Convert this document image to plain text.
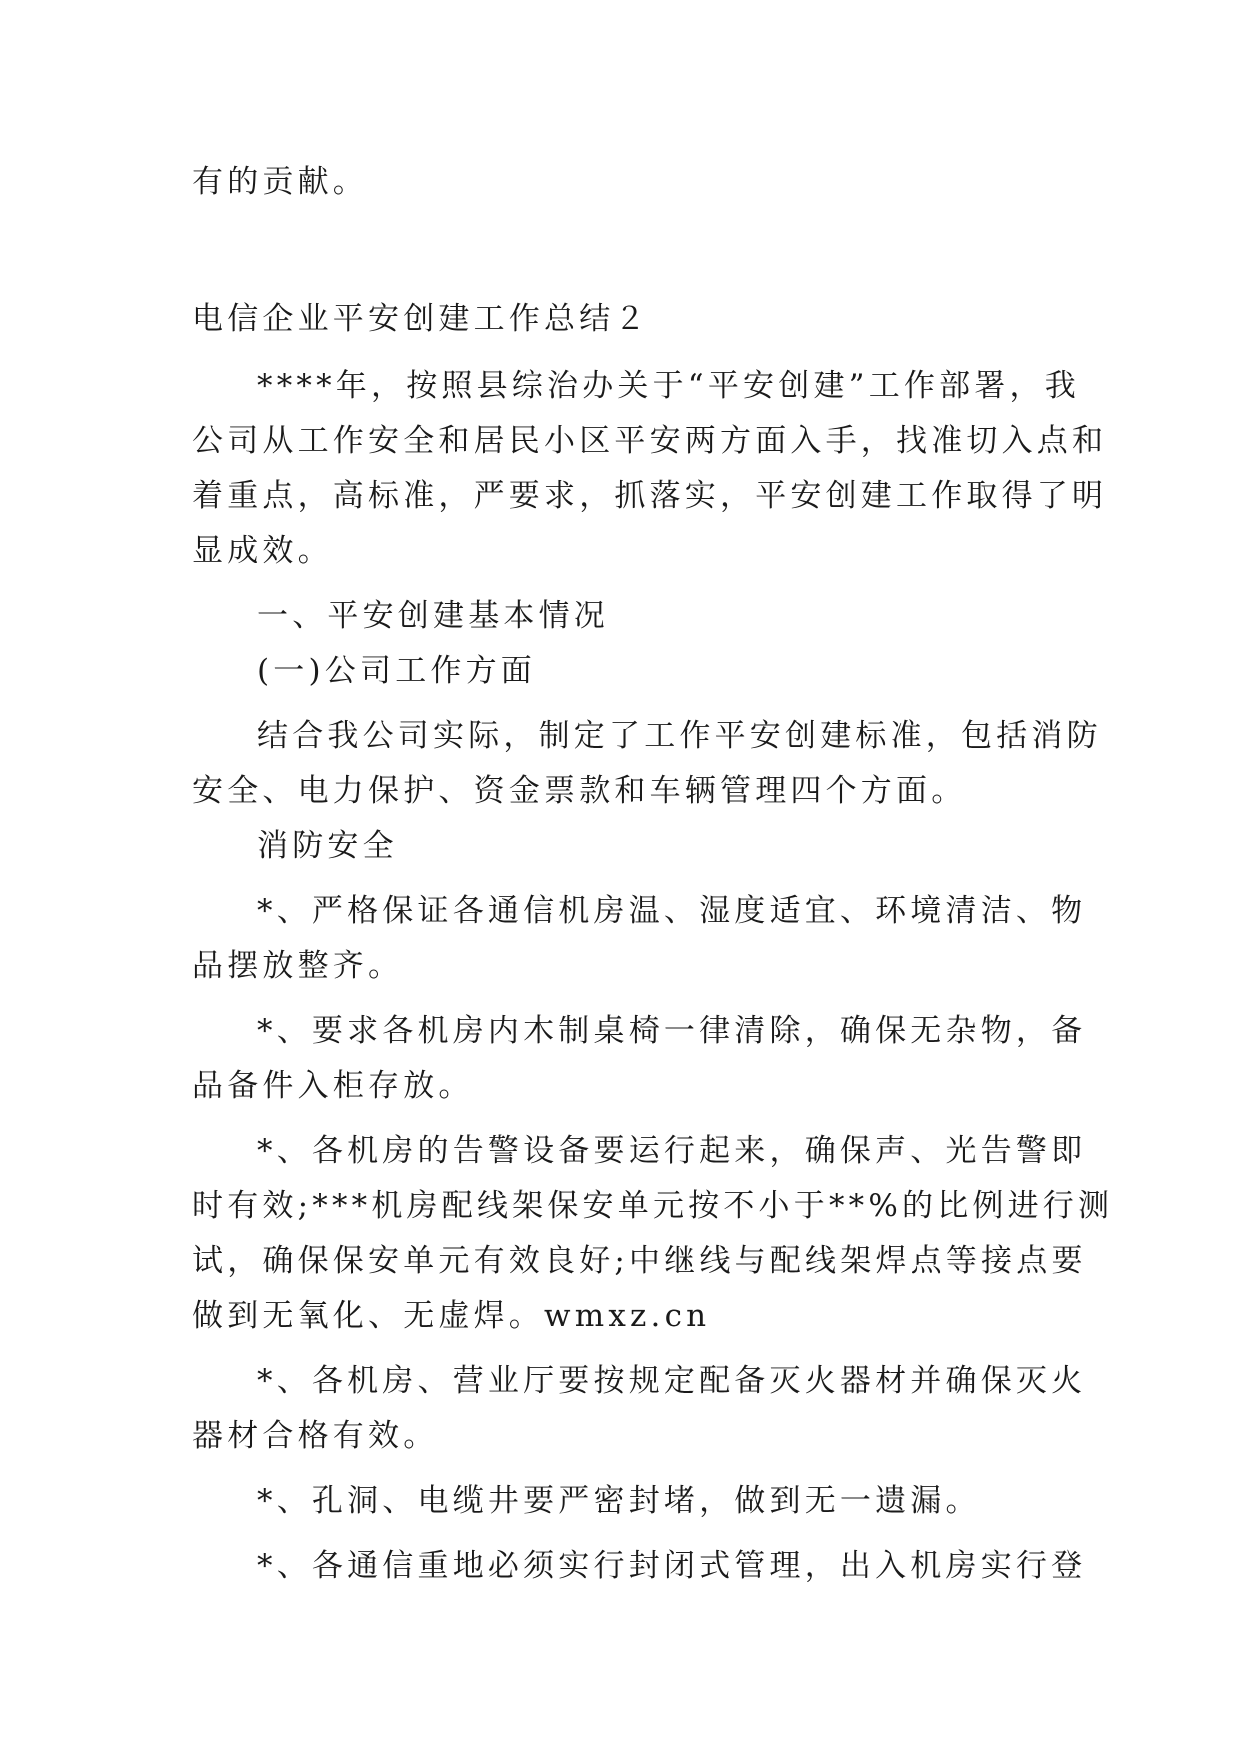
有的贡献。
电信企业平安创建工作总结２
****年，按照县综治办关于“平安创建”工作部署，我
公司从工作安全和居民小区平安两方面入手，找准切入点和
着重点，高标准，严要求，抓落实，平安创建工作取得了明
显成效。
一、平安创建基本情况
(一)公司工作方面
结合我公司实际，制定了工作平安创建标准，包括消防
安全、电力保护、资金票款和车辆管理四个方面。
消防安全
*、严格保证各通信机房温、湿度适宜、环境清洁、物
品摆放整齐。
*、要求各机房内木制桌椅一律清除，确保无杂物，备
品备件入柜存放。
*、各机房的告警设备要运行起来，确保声、光告警即
时有效;***机房配线架保安单元按不小于**%的比例进行测
试，确保保安单元有效良好;中继线与配线架焊点等接点要
做到无氧化、无虚焊。wmxz.cn
*、各机房、营业厅要按规定配备灭火器材并确保灭火
器材合格有效。
*、孔洞、电缆井要严密封堵，做到无一遗漏。
*、各通信重地必须实行封闭式管理，出入机房实行登
